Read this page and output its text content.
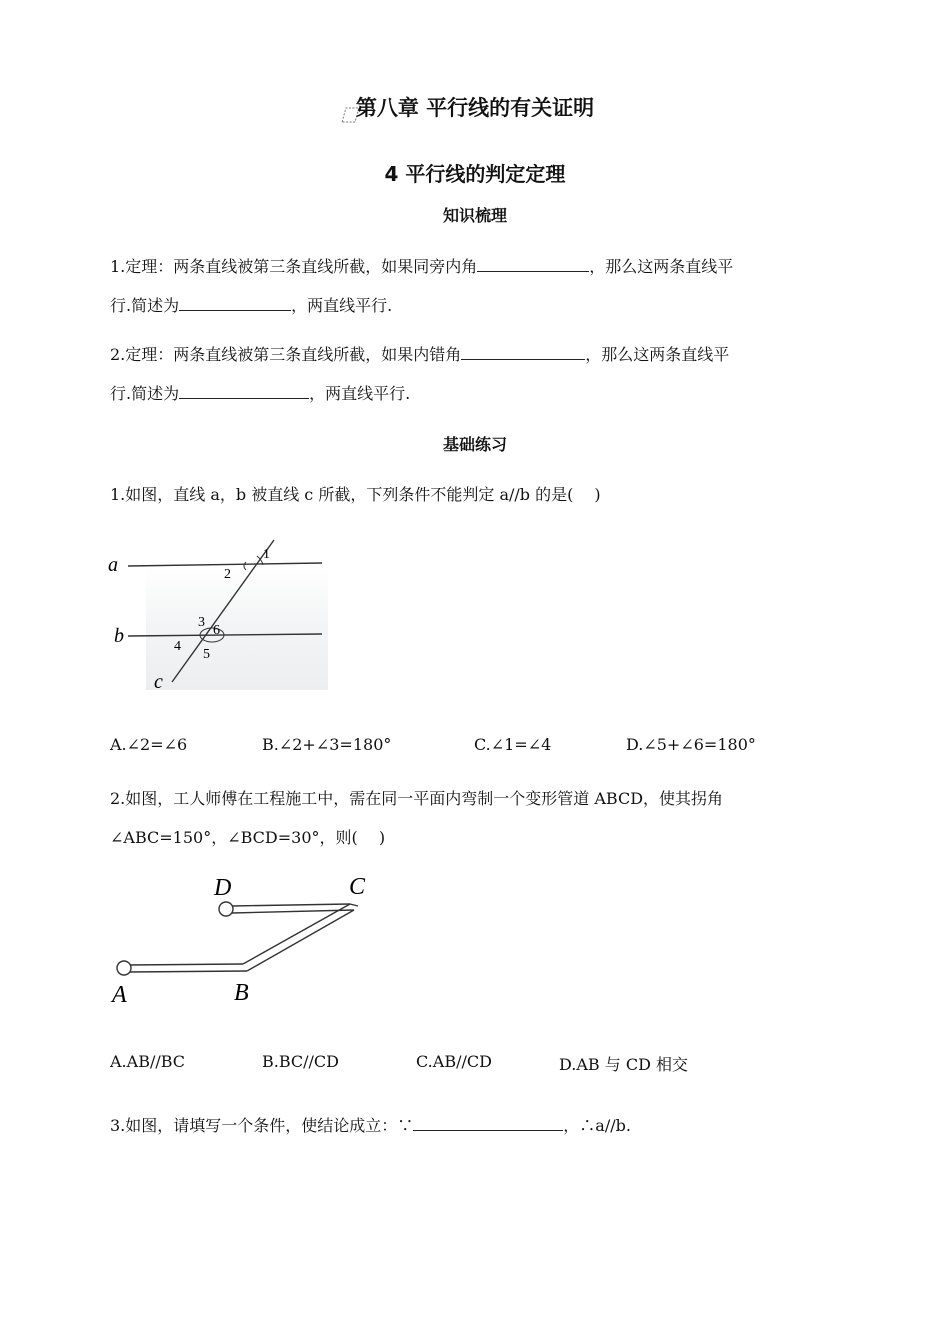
第八章 平行线的有关证明
4 平行线的判定定理
知识梳理
1.定理：两条直线被第三条直线所截，如果同旁内角	，那么这两条直线平
行.简述为	，两直线平行.
2.定理：两条直线被第三条直线所截，如果内错角	，那么这两条直线平
行.简述为	，两直线平行.
基础练习
1.如图，直线 a，b 被直线 c 所截，下列条件不能判定 a//b 的是(　 )
a
b
c
1
2
3
4
5
6
A.∠2=∠6	B.∠2+∠3=180°	C.∠1=∠4	D.∠5+∠6=180°
2.如图，工人师傅在工程施工中，需在同一平面内弯制一个变形管道 ABCD，使其拐角
∠ABC=150°，∠BCD=30°，则(　 )
A	B
C
D
A.AB//BC	B.BC//CD	C.AB//CD	D.AB 与 CD 相交
3.如图，请填写一个条件，使结论成立：∵	，∴a//b.
